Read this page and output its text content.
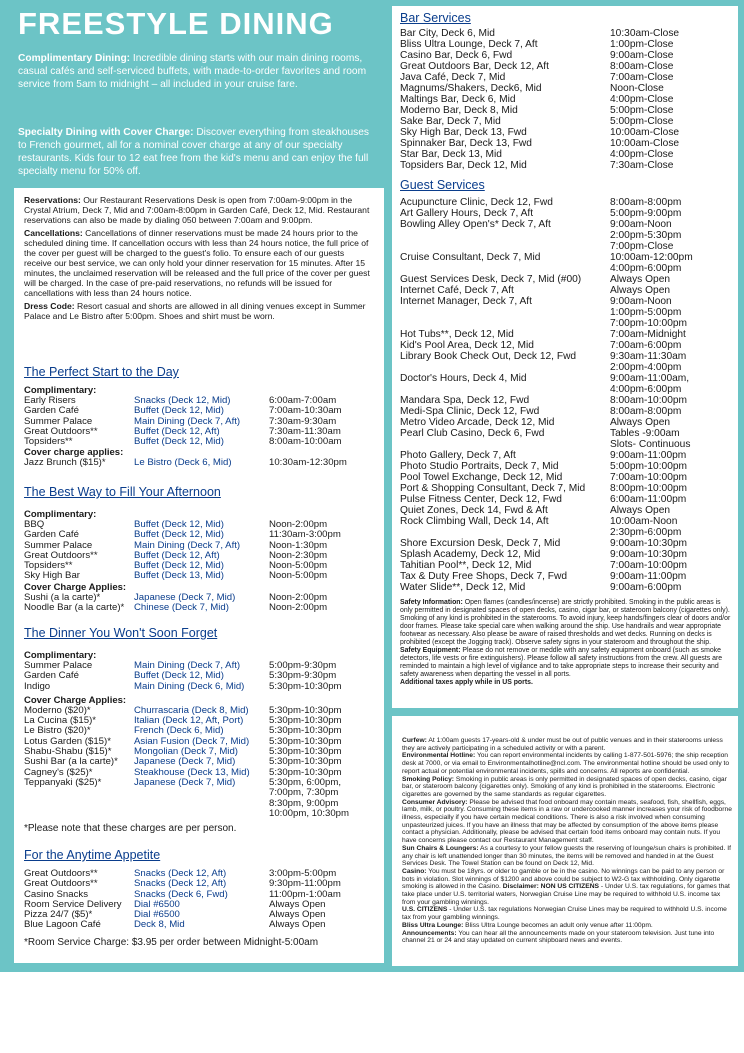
FREESTYLE DINING

Complimentary Dining: Incredible dining starts with our main dining rooms, casual cafés and self-serviced buffets, with made-to-order favorites and room service from 5am to midnight – all included in your cruise fare.

Specialty Dining with Cover Charge: Discover everything from steakhouses to French gourmet, all for a nominal cover charge at any of our specialty restaurants. Kids four to 12 eat free from the kid's menu and can enjoy the full specialty menu for 50% off.

Reservations: Our Restaurant Reservations Desk is open from 7:00am-9:00pm in the Crystal Atrium, Deck 7, Mid and 7:00am-8:00pm in Garden Café, Deck 12, Mid. Restaurant reservations can also be made by dialing 050 between 7:00am and 9:00pm.

Cancellations: Cancellations of dinner reservations must be made 24 hours prior to the scheduled dining time. If cancellation occurs with less than 24 hours notice, the full price of the cover per guest will be charged to the guest's folio. To ensure each of our guests receive our best service, we can only hold your dinner reservation for 15 minutes. After 15 minutes, the unclaimed reservation will be released and the full price of the cover per guest will be charged. In the case of pre-paid reservations, no refunds will be issued for cancellations with less than 24 hours notice.

Dress Code: Resort casual and shorts are allowed in all dining venues except in Summer Palace and Le Bistro after 5:00pm. Shoes and shirt must be worn.

The Perfect Start to the Day

Complimentary:

Early Risers	Snacks (Deck 12, Mid)	6:00am-7:00am
Garden Café	Buffet (Deck 12, Mid)	7:00am-10:30am
Summer Palace	Main Dining (Deck 7, Aft)	7:30am-9:30am
Great Outdoors**	Buffet (Deck 12, Aft)	7:30am-11:30am
Topsiders**	Buffet (Deck 12, Mid)	8:00am-10:00am

Cover charge applies:

Jazz Brunch ($15)*	Le Bistro (Deck 6, Mid)	10:30am-12:30pm
The Best Way to Fill Your Afternoon

Complimentary:

BBQ	Buffet (Deck 12, Mid)	Noon-2:00pm
Garden Café	Buffet (Deck 12, Mid)	11:30am-3:00pm
Summer Palace	Main Dining (Deck 7, Aft)	Noon-1:30pm
Great Outdoors**	Buffet (Deck 12, Aft)	Noon-2:30pm
Topsiders**	Buffet (Deck 12, Mid)	Noon-5:00pm
Sky High Bar	Buffet (Deck 13, Mid)	Noon-5:00pm

Cover Charge Applies:

Sushi (a la carte)*	Japanese (Deck 7, Mid)	Noon-2:00pm
Noodle Bar (a la carte)*	Chinese (Deck 7, Mid)	Noon-2:00pm
The Dinner You Won't Soon Forget

Complimentary:

Summer Palace	Main Dining (Deck 7, Aft)	5:00pm-9:30pm
Garden Café	Buffet (Deck 12, Mid)	5:30pm-9:30pm
Indigo	Main Dining (Deck 6, Mid)	5:30pm-10:30pm

Cover Charge Applies:

Moderno ($20)*	Churrascaria (Deck 8, Mid)	5:30pm-10:30pm
La Cucina ($15)*	Italian (Deck 12, Aft, Port)	5:30pm-10:30pm
Le Bistro ($20)*	French (Deck 6, Mid)	5:30pm-10:30pm
Lotus Garden ($15)*	Asian Fusion (Deck 7, Mid)	5:30pm-10:30pm
Shabu-Shabu ($15)*	Mongolian (Deck 7, Mid)	5:30pm-10:30pm
Sushi Bar (a la carte)*	Japanese (Deck 7, Mid)	5:30pm-10:30pm
Cagney's ($25)*	Steakhouse (Deck 13, Mid)	5:30pm-10:30pm
Teppanyaki ($25)*	Japanese (Deck 7, Mid)	5:30pm, 6:00pm,
		7:00pm, 7:30pm
		8:30pm, 9:00pm
		10:00pm, 10:30pm

*Please note that these charges are per person.

For the Anytime Appetite
Great Outdoors**	Snacks (Deck 12, Aft)	3:00pm-5:00pm
Great Outdoors**	Snacks (Deck 12, Aft)	9:30pm-11:00pm
Casino Snacks	Snacks (Deck 6, Fwd)	11:00pm-1:00am
Room Service Delivery	Dial #6500	Always Open
Pizza 24/7 ($5)*	Dial #6500	Always Open
Blue Lagoon Café	Deck 8, Mid	Always Open

*Room Service Charge: $3.95 per order between Midnight-5:00am

Bar Services
Bar City, Deck 6, Mid	10:30am-Close
Bliss Ultra Lounge, Deck 7, Aft	1:00pm-Close
Casino Bar, Deck 6, Fwd	9:00am-Close
Great Outdoors Bar, Deck 12, Aft	8:00am-Close
Java Café, Deck 7, Mid	7:00am-Close
Magnums/Shakers, Deck6, Mid	Noon-Close
Maltings Bar, Deck 6, Mid	4:00pm-Close
Moderno Bar, Deck 8, Mid	5:00pm-Close
Sake Bar, Deck 7, Mid	5:00pm-Close
Sky High Bar, Deck 13, Fwd	10:00am-Close
Spinnaker Bar, Deck 13, Fwd	10:00am-Close
Star Bar, Deck 13, Mid	4:00pm-Close
Topsiders Bar, Deck 12, Mid	7:30am-Close
Guest Services
Acupuncture Clinic, Deck 12, Fwd	8:00am-8:00pm
Art Gallery Hours, Deck 7, Aft	5:00pm-9:00pm
Bowling Alley Open's* Deck 7, Aft	9:00am-Noon
	2:00pm-5:30pm
	7:00pm-Close
Cruise Consultant, Deck 7, Mid	10:00am-12:00pm
	4:00pm-6:00pm
Guest Services Desk, Deck 7, Mid (#00)	Always Open
Internet Café, Deck 7, Aft	Always Open
Internet Manager, Deck 7, Aft	9:00am-Noon
	1:00pm-5:00pm
	7:00pm-10:00pm
Hot Tubs**, Deck 12, Mid	7:00am-Midnight
Kid's Pool Area, Deck 12, Mid	7:00am-6:00pm
Library Book Check Out, Deck 12, Fwd	9:30am-11:30am
	2:00pm-4:00pm
Doctor's Hours, Deck 4, Mid	9:00am-11:00am,
	4:00pm-6:00pm
Mandara Spa, Deck 12, Fwd	8:00am-10:00pm
Medi-Spa Clinic, Deck 12, Fwd	8:00am-8:00pm
Metro Video Arcade, Deck 12, Mid	Always Open
Pearl Club Casino, Deck 6, Fwd	Tables -9:00am
	Slots- Continuous
Photo Gallery, Deck 7, Aft	9:00am-11:00pm
Photo Studio Portraits, Deck 7, Mid	5:00pm-10:00pm
Pool Towel Exchange, Deck 12, Mid	7:00am-10:00pm
Port & Shopping Consultant, Deck 7, Mid	8:00pm-10:00pm
Pulse Fitness Center, Deck 12, Fwd	6:00am-11:00pm
Quiet Zones, Deck 14, Fwd & Aft	Always Open
Rock Climbing Wall, Deck 14, Aft	10:00am-Noon
	2:30pm-6:00pm
Shore Excursion Desk, Deck 7, Mid	9:00am-10:30pm
Splash Academy, Deck 12, Mid	9:00am-10:30pm
Tahitian Pool**, Deck 12, Mid	7:00am-10:00pm
Tax & Duty Free Shops, Deck 7, Fwd	9:00am-11:00pm
Water Slide**, Deck 12, Mid	9:00am-6:00pm

Safety Information: Open flames (candles/incense) are strictly prohibited. Smoking in the public areas is only permitted in designated spaces of open decks, casino, cigar bar, or stateroom balcony (cigarettes only). Smoking of any kind is prohibited in the staterooms. To avoid injury, keep hands/fingers clear of doors and/or door frames. Please take special care when walking around the ship. Use handrails and wear appropriate footwear as necessary. Also please be aware of raised thresholds and wet decks. Running on decks is prohibited (except the Jogging track). Observe safety signs in your stateroom and throughout the ship.

Safety Equipment: Please do not remove or meddle with any safety equipment onboard (such as smoke detectors, life vests or fire extinguishers). Please follow all safety instructions from the crew. All guests are reminded to maintain a high level of vigilance and to take appropriate steps to increase their security and safety awareness when departing the vessel in all ports.

Additional taxes apply while in US ports.

Curfew: At 1:00am guests 17-years-old & under must be out of public venues and in their staterooms unless they are actively participating in a scheduled activity or with a parent.

Environmental Hotline: You can report environmental incidents by calling 1-877-501-5976; the ship reception desk at 7000, or via email to Environmentalhotline@ncl.com. The environmental hotline should be used only to report actual or potential environmental incidents, spills and concerns. All reports are confidential.

Smoking Policy: Smoking in public areas is only permitted in designated spaces of open decks, casino, cigar bar, or stateroom balcony (cigarettes only). Smoking of any kind is prohibited in the staterooms. Electronic cigarettes are governed by the same standards as regular cigarettes.

Consumer Advisory: Please be advised that food onboard may contain meats, seafood, fish, shellfish, eggs, lamb, milk, or poultry. Consuming these items in a raw or undercooked manner increases your risk of foodborne illness, especially if you have certain medical conditions. There is also a risk involved when consuming unpasteurized juices. If you have an illness that may be affected by consumption of the above items please contact a physician. Additionally, please be advised that certain food items onboard may contain nuts. If you have concerns please contact our Restaurant Management staff.

Sun Chairs & Loungers: As a courtesy to your fellow guests the reserving of lounge/sun chairs is prohibited. If any chair is left unattended longer than 30 minutes, the items will be removed and handed in at the Guest Services Desk. The Towel Station can be found on Deck 12, Mid.

Casino: You must be 18yrs. or older to gamble or be in the casino. No winnings can be paid to any person or bots in violation. Slot winnings of $1200 and above could be subject to W2-G tax withholding. Only cigarette smoking is allowed in the Casino. Disclaimer: NON US CITIZENS - Under U.S. tax regulations, for games that take place under U.S. territorial waters, Norwegian Cruise Line may be required to withhold U.S. income tax from your gambling winnings.

U.S. CITIZENS - Under U.S. tax regulations Norwegian Cruise Lines may be required to withhold U.S. income tax from your gambling winnings.

Bliss Ultra Lounge: Bliss Ultra Lounge becomes an adult only venue after 11:00pm.

Announcements: You can hear all the announcements made on your stateroom television. Just tune into channel 21 or 24 and stay updated on current shipboard news and events.
